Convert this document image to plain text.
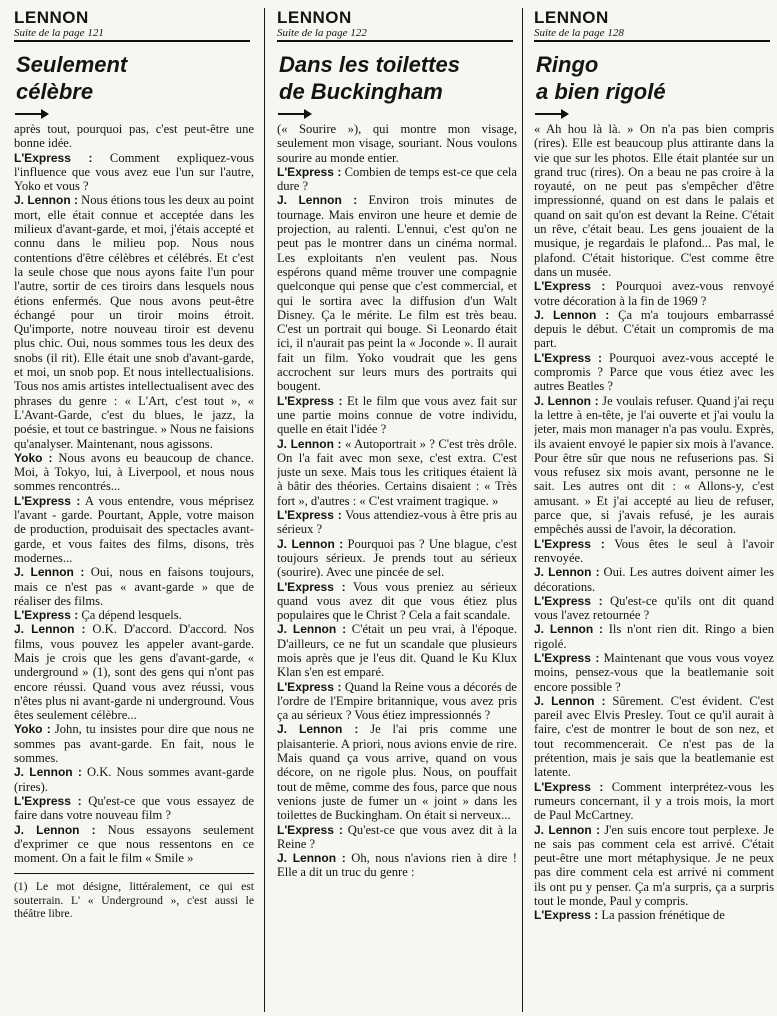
LENNON
Suite de la page 121
Seulement
célèbre

après tout, pourquoi pas, c'est peut-être une bonne idée.

L'Express : Comment expliquez-vous l'influence que vous avez eue l'un sur l'autre, Yoko et vous ?

J. Lennon : Nous étions tous les deux au point mort, elle était connue et acceptée dans les milieux d'avant-garde, et moi, j'étais accepté et connu dans le milieu pop. Nous nous contentions d'être célèbres et célébrés. Et c'est la seule chose que nous ayons faite l'un pour l'autre, sortir de ces tiroirs dans lesquels nous étions enfermés. Que nous avons peut-être échangé pour un tiroir moins étroit. Qu'importe, notre nouveau tiroir est devenu plus chic. Oui, nous sommes tous les deux des snobs (il rit). Elle était une snob d'avant-garde, et moi, un snob pop. Et nous intellectualisions. Tous nos amis artistes intellectualisent avec des phrases du genre : « L'Art, c'est tout », « L'Avant-Garde, c'est du blues, le jazz, la poésie, et tout ce bastringue. » Nous ne faisions qu'analyser. Maintenant, nous agissons.

Yoko : Nous avons eu beaucoup de chance. Moi, à Tokyo, lui, à Liverpool, et nous nous sommes rencontrés...

L'Express : A vous entendre, vous méprisez l'avant - garde. Pourtant, Apple, votre maison de production, produisait des spectacles avant-garde, et vous faites des films, disons, très modernes...

J. Lennon : Oui, nous en faisons toujours, mais ce n'est pas « avant-garde » que de réaliser des films.

L'Express : Ça dépend lesquels.

J. Lennon : O.K. D'accord. D'accord. Nos films, vous pouvez les appeler avant-garde. Mais je crois que les gens d'avant-garde, « underground » (1), sont des gens qui n'ont pas encore réussi. Quand vous avez réussi, vous n'êtes plus ni avant-garde ni underground. Vous êtes seulement célèbre...

Yoko : John, tu insistes pour dire que nous ne sommes pas avant-garde. En fait, nous le sommes.

J. Lennon : O.K. Nous sommes avant-garde (rires).

L'Express : Qu'est-ce que vous essayez de faire dans votre nouveau film ?

J. Lennon : Nous essayons seulement d'exprimer ce que nous ressentons en ce moment. On a fait le film « Smile »

(1) Le mot désigne, littéralement, ce qui est souterrain. L' « Underground », c'est aussi le théâtre libre.
LENNON
Suite de la page 122
Dans les toilettes
de Buckingham

(« Sourire »), qui montre mon visage, seulement mon visage, souriant. Nous voulons sourire au monde entier.

L'Express : Combien de temps est-ce que cela dure ?

J. Lennon : Environ trois minutes de tournage. Mais environ une heure et demie de projection, au ralenti. L'ennui, c'est qu'on ne peut pas le montrer dans un cinéma normal. Les exploitants n'en veulent pas. Nous espérons quand même trouver une compagnie quelconque qui pense que c'est commercial, et qui le sortira avec la diffusion d'un Walt Disney. Ça le mérite. Le film est très beau. C'est un portrait qui bouge. Si Leonardo était ici, il n'aurait pas peint la « Joconde ». Il aurait fait un film. Yoko voudrait que les gens accrochent sur leurs murs des portraits qui bougent.

L'Express : Et le film que vous avez fait sur une partie moins connue de votre individu, quelle en était l'idée ?

J. Lennon : « Autoportrait » ? C'est très drôle. On l'a fait avec mon sexe, c'est extra. C'est juste un sexe. Mais tous les critiques étaient là à bâtir des théories. Certains disaient : « Très fort », d'autres : « C'est vraiment tragique. »

L'Express : Vous attendiez-vous à être pris au sérieux ?

J. Lennon : Pourquoi pas ? Une blague, c'est toujours sérieux. Je prends tout au sérieux (sourire). Avec une pincée de sel.

L'Express : Vous vous preniez au sérieux quand vous avez dit que vous étiez plus populaires que le Christ ? Cela a fait scandale.

J. Lennon : C'était un peu vrai, à l'époque. D'ailleurs, ce ne fut un scandale que plusieurs mois après que je l'eus dit. Quand le Ku Klux Klan s'en est emparé.

L'Express : Quand la Reine vous a décorés de l'ordre de l'Empire britannique, vous avez pris ça au sérieux ? Vous étiez impressionnés ?

J. Lennon : Je l'ai pris comme une plaisanterie. A priori, nous avions envie de rire. Mais quand ça vous arrive, quand on vous décore, on ne rigole plus. Nous, on pouffait tout de même, comme des fous, parce que nous venions juste de fumer un « joint » dans les toilettes de Buckingham. On était si nerveux...

L'Express : Qu'est-ce que vous avez dit à la Reine ?

J. Lennon : Oh, nous n'avions rien à dire ! Elle a dit un truc du genre :

LENNON
Suite de la page 128
Ringo
a bien rigolé

« Ah hou là là. » On n'a pas bien compris (rires). Elle est beaucoup plus attirante dans la vie que sur les photos. Elle était plantée sur un grand truc (rires). On a beau ne pas croire à la royauté, on ne peut pas s'empêcher d'être impressionné, quand on est dans le palais et quand on sait qu'on est devant la Reine. C'était un rêve, c'était beau. Les gens jouaient de la musique, je regardais le plafond... Pas mal, le plafond. C'était historique. C'est comme être dans un musée.

L'Express : Pourquoi avez-vous renvoyé votre décoration à la fin de 1969 ?

J. Lennon : Ça m'a toujours embarrassé depuis le début. C'était un compromis de ma part.

L'Express : Pourquoi avez-vous accepté le compromis ? Parce que vous étiez avec les autres Beatles ?

J. Lennon : Je voulais refuser. Quand j'ai reçu la lettre à en-tête, je l'ai ouverte et j'ai voulu la jeter, mais mon manager n'a pas voulu. Exprès, ils avaient envoyé le papier six mois à l'avance. Pour être sûr que nous ne refuserions pas. Si vous refusez six mois avant, personne ne le sait. Les autres ont dit : « Allons-y, c'est amusant. » Et j'ai accepté au lieu de refuser, parce que, si j'avais refusé, je les aurais empêchés aussi de l'avoir, la décoration.

L'Express : Vous êtes le seul à l'avoir renvoyée.

J. Lennon : Oui. Les autres doivent aimer les décorations.

L'Express : Qu'est-ce qu'ils ont dit quand vous l'avez retournée ?

J. Lennon : Ils n'ont rien dit. Ringo a bien rigolé.

L'Express : Maintenant que vous vous voyez moins, pensez-vous que la beatlemanie soit encore possible ?

J. Lennon : Sûrement. C'est évident. C'est pareil avec Elvis Presley. Tout ce qu'il aurait à faire, c'est de montrer le bout de son nez, et tout recommencerait. Ce n'est pas de la prétention, mais je sais que la beatlemanie est latente.

L'Express : Comment interprétez-vous les rumeurs concernant, il y a trois mois, la mort de Paul McCartney.

J. Lennon : J'en suis encore tout perplexe. Je ne sais pas comment cela est arrivé. C'était peut-être une mort métaphysique. Je ne peux pas dire comment cela est arrivé ni comment ils ont pu y penser. Ça m'a surpris, ça a surpris tout le monde, Paul y compris.

L'Express : La passion frénétique de
